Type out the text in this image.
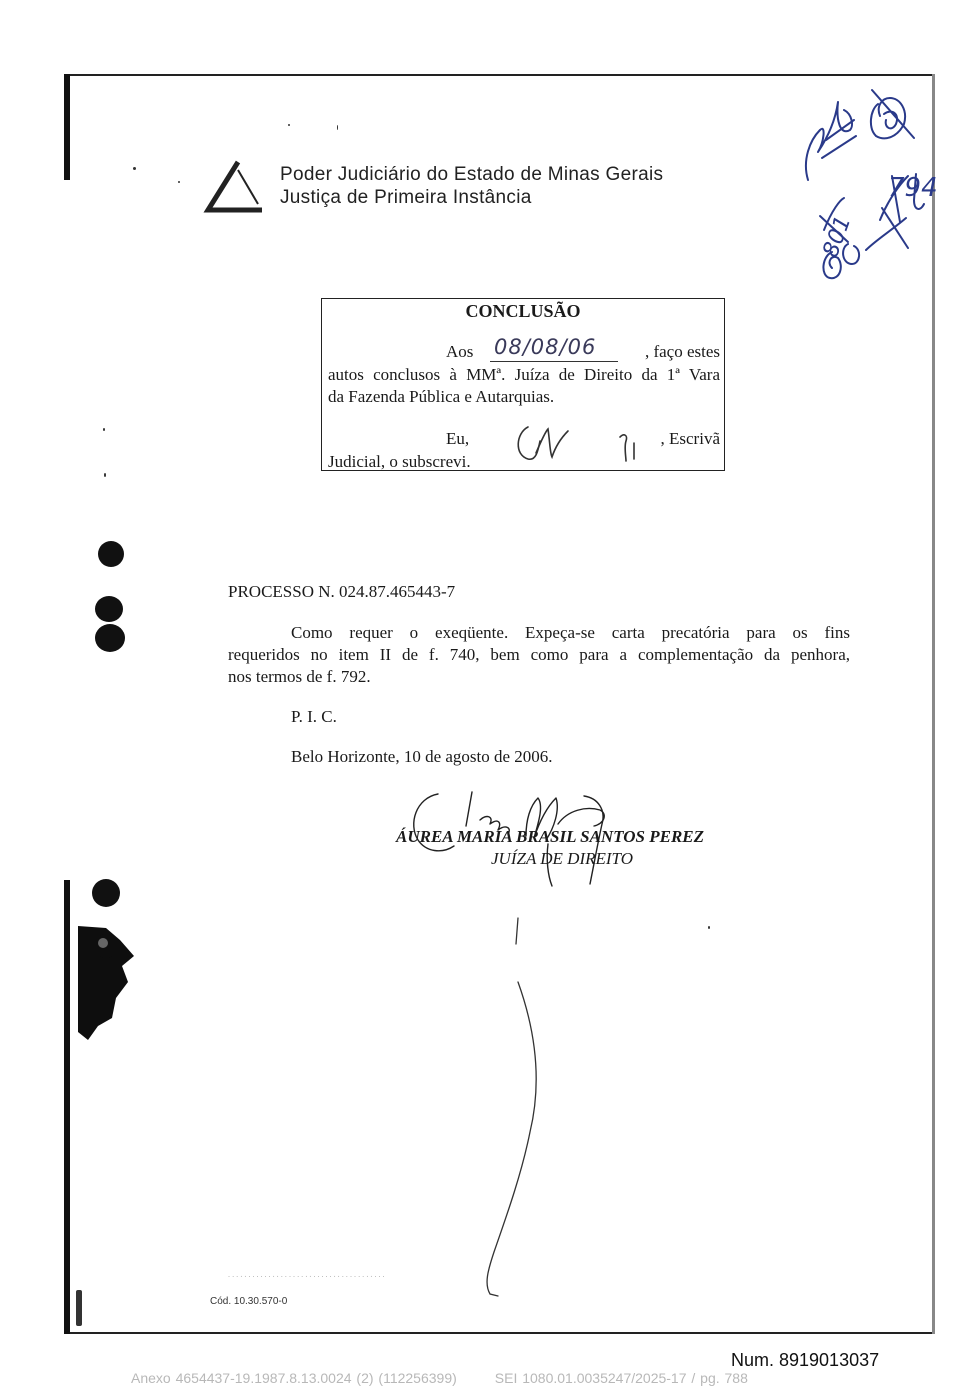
Poder Judiciário do Estado de Minas Gerais
Justiça de Primeira Instância	794
801
CONCLUSÃO
Aos 08/08/06	, faço estes
autos conclusos à MMª. Juíza de Direito da 1ª Vara
da Fazenda Pública e Autarquias.
Eu,	, Escrivã
Judicial, o subscrevi.
PROCESSO N. 024.87.465443-7
Como requer o exeqüente. Expeça-se carta precatória para os fins
requeridos no item II de f. 740, bem como para a complementação da penhora,
nos termos de f. 792.
P. I. C.
Belo Horizonte, 10 de agosto de 2006.
ÁUREA MARIA BRASIL SANTOS PEREZ
JUÍZA DE DIREITO
· · · · · · · · · · · · · · · · · · · · · · · · · · · · · · · · · · · · · · ·
Cód. 10.30.570-0
Num. 8919013037
Anexo 4654437-19.1987.8.13.0024 (2) (112256399)	SEI 1080.01.0035247/2025-17 / pg. 788
